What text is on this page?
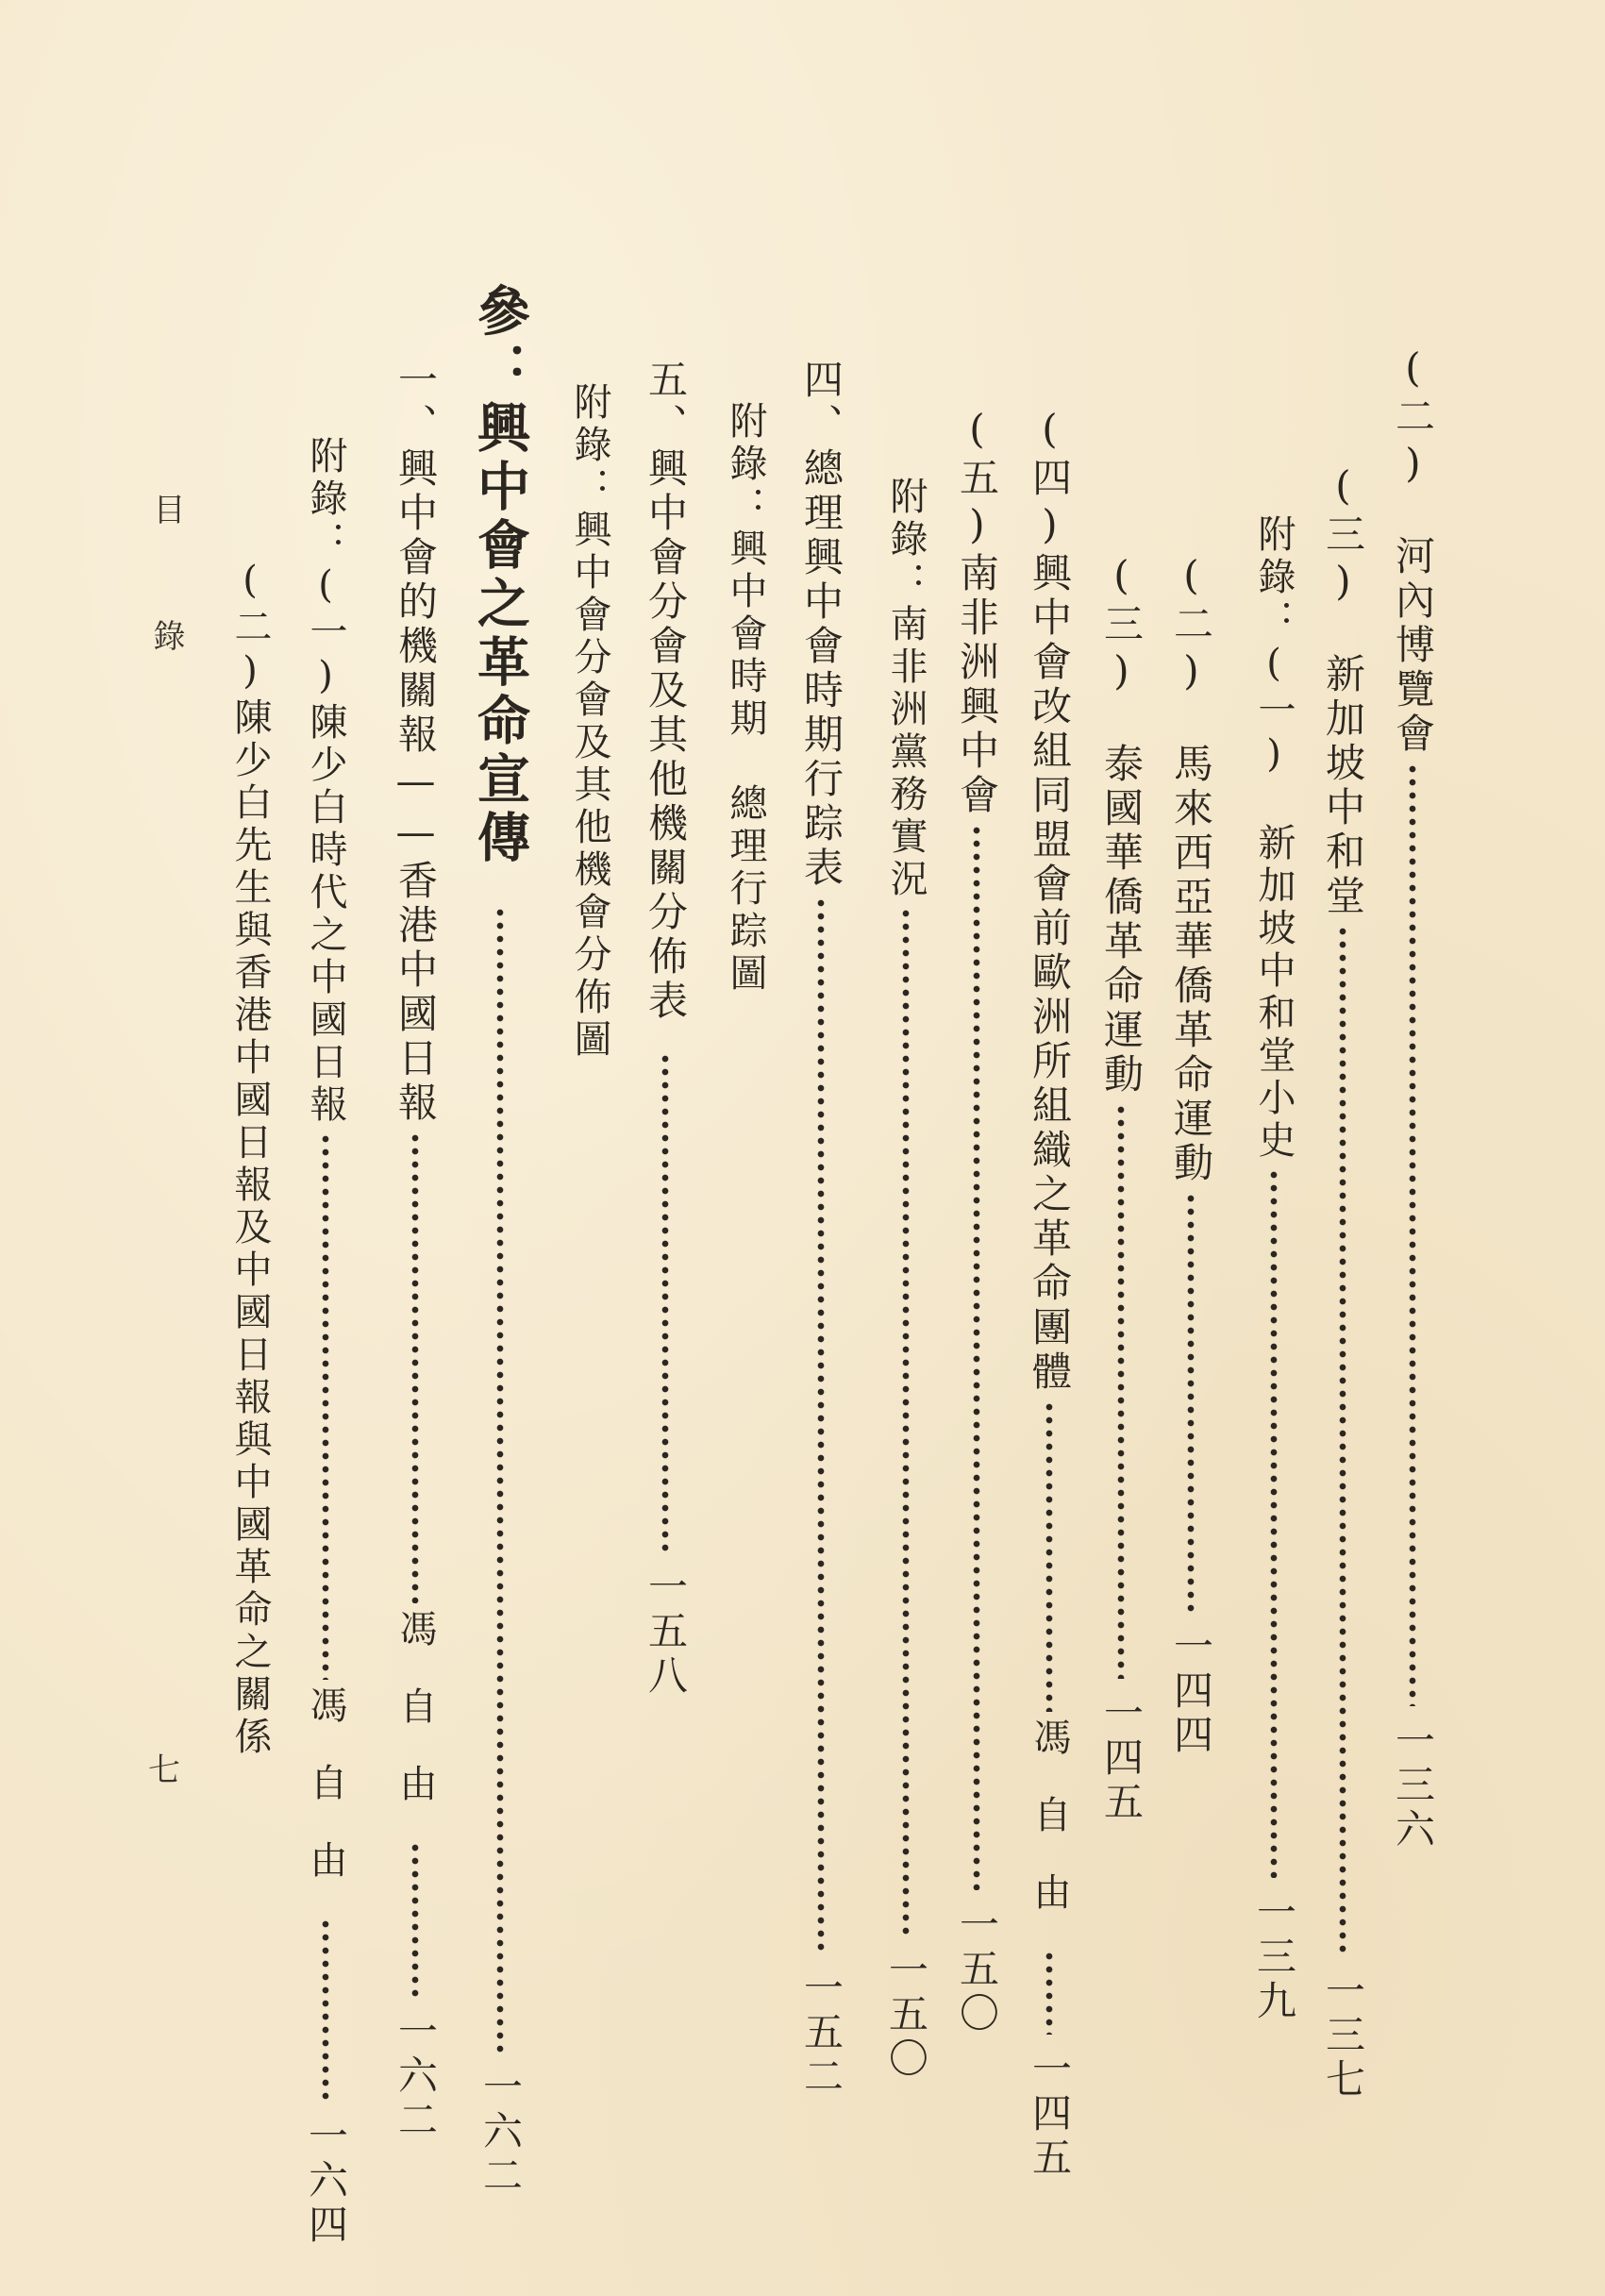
(二)　河內博覽會
一三六
(三)　新加坡中和堂
一三七
附錄：(一)　新加坡中和堂小史
一三九
(二)　馬來西亞華僑革命運動
一四四
(三)　泰國華僑革命運動
一四五
(四)興中會改組同盟會前歐洲所組織之革命團體
馮自由
一四五
(五)南非洲興中會
一五〇
附錄：南非洲黨務實況
一五〇
四、總理興中會時期行踪表
一五二
附錄：興中會時期　總理行踪圖
五、興中會分會及其他機關分佈表
一五八
附錄：興中會分會及其他機會分佈圖
參：興中會之革命宣傳
一六二
一、興中會的機關報——香港中國日報
馮自由
一六二
附錄：(一)陳少白時代之中國日報
馮自由
一六四
(二)陳少白先生與香港中國日報及中國日報與中國革命之關係
目錄
七
